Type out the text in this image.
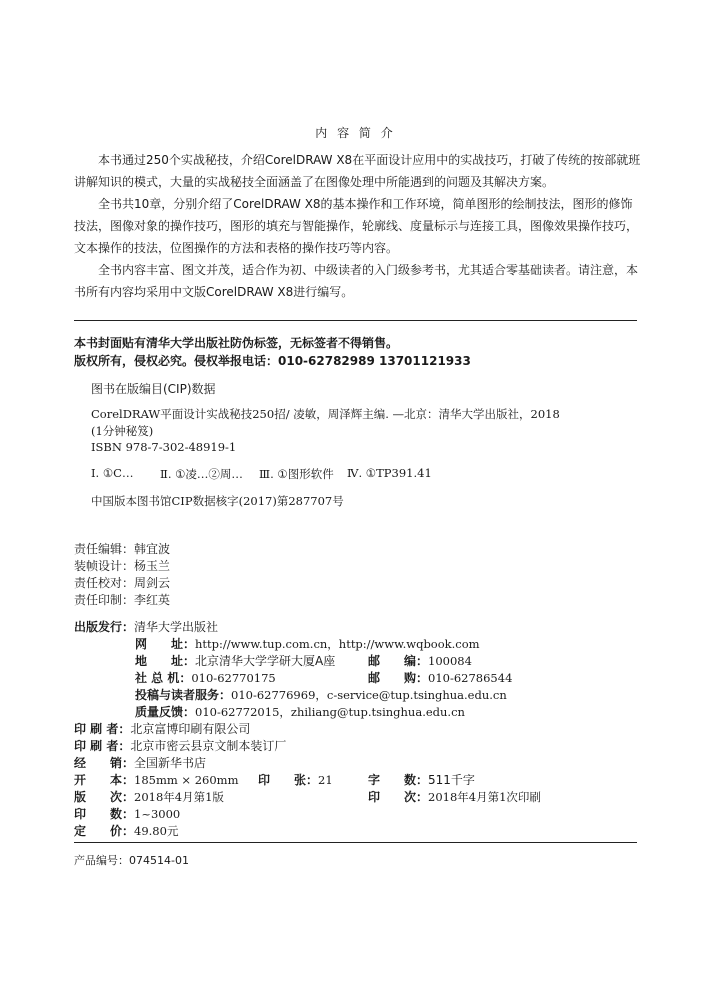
内 容 简 介

本书通过250个实战秘技，介绍CorelDRAW X8在平面设计应用中的实战技巧，打破了传统的按部就班讲解知识的模式，大量的实战秘技全面涵盖了在图像处理中所能遇到的问题及其解决方案。

全书共10章，分别介绍了CorelDRAW X8的基本操作和工作环境，简单图形的绘制技法，图形的修饰技法，图像对象的操作技巧，图形的填充与智能操作，轮廓线、度量标示与连接工具，图像效果操作技巧，文本操作的技法，位图操作的方法和表格的操作技巧等内容。

全书内容丰富、图文并茂，适合作为初、中级读者的入门级参考书，尤其适合零基础读者。请注意，本书所有内容均采用中文版CorelDRAW X8进行编写。

本书封面贴有清华大学出版社防伪标签，无标签者不得销售。
版权所有，侵权必究。侵权举报电话：010-62782989 13701121933
图书在版编目(CIP)数据
CorelDRAW平面设计实战秘技250招/ 凌敏，周泽辉主编. —北京：清华大学出版社，2018
(1分钟秘笈)
ISBN 978-7-302-48919-1
Ⅰ. ①C… Ⅱ. ①凌…②周… Ⅲ. ①图形软件 Ⅳ. ①TP391.41
中国版本图书馆CIP数据核字(2017)第287707号
责任编辑：韩宜波
装帧设计：杨玉兰
责任校对：周剑云
责任印制：李红英
出版发行：清华大学出版社
网　　址：http://www.tup.com.cn，http://www.wqbook.com
地　　址：北京清华大学学研大厦A座	邮　　编：100084
社 总 机：010-62770175	邮　　购：010-62786544
投稿与读者服务：010-62776969，c-service@tup.tsinghua.edu.cn
质量反馈：010-62772015，zhiliang@tup.tsinghua.edu.cn
印 刷 者：北京富博印刷有限公司
印 刷 者：北京市密云县京文制本装订厂
经　　销：全国新华书店
开　　本：185mm × 260mm 印　　张：21	字　　数：511千字
版　　次：2018年4月第1版	印　　次：2018年4月第1次印刷
印　　数：1~3000
定　　价：49.80元
产品编号：074514-01
